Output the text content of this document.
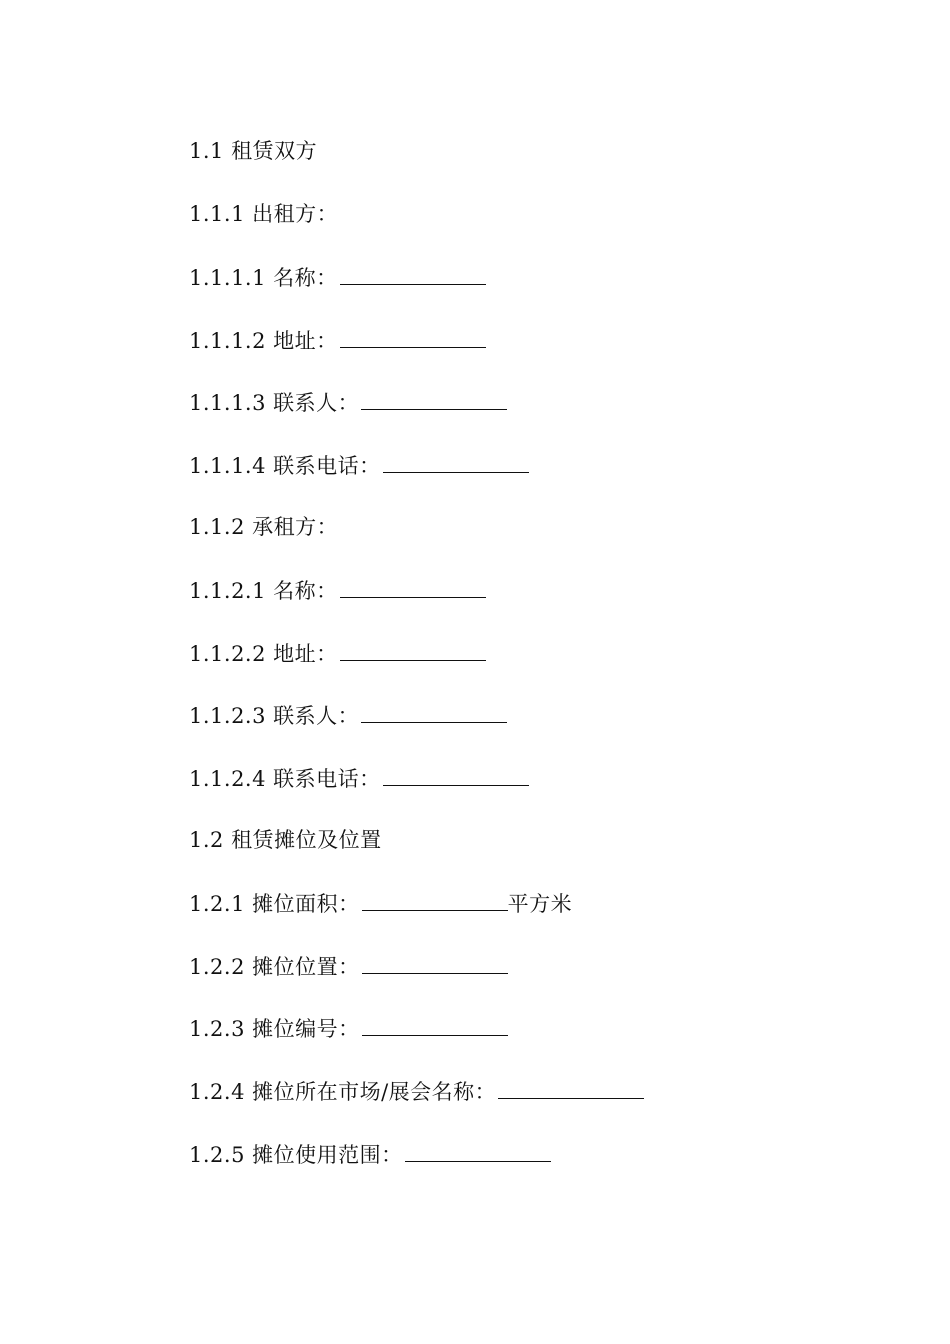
1.1 租赁双方
1.1.1 出租方：
1.1.1.1 名称：
1.1.1.2 地址：
1.1.1.3 联系人：
1.1.1.4 联系电话：
1.1.2 承租方：
1.1.2.1 名称：
1.1.2.2 地址：
1.1.2.3 联系人：
1.1.2.4 联系电话：
1.2 租赁摊位及位置
1.2.1 摊位面积：	平方米
1.2.2 摊位位置：
1.2.3 摊位编号：
1.2.4 摊位所在市场/展会名称：
1.2.5 摊位使用范围：
